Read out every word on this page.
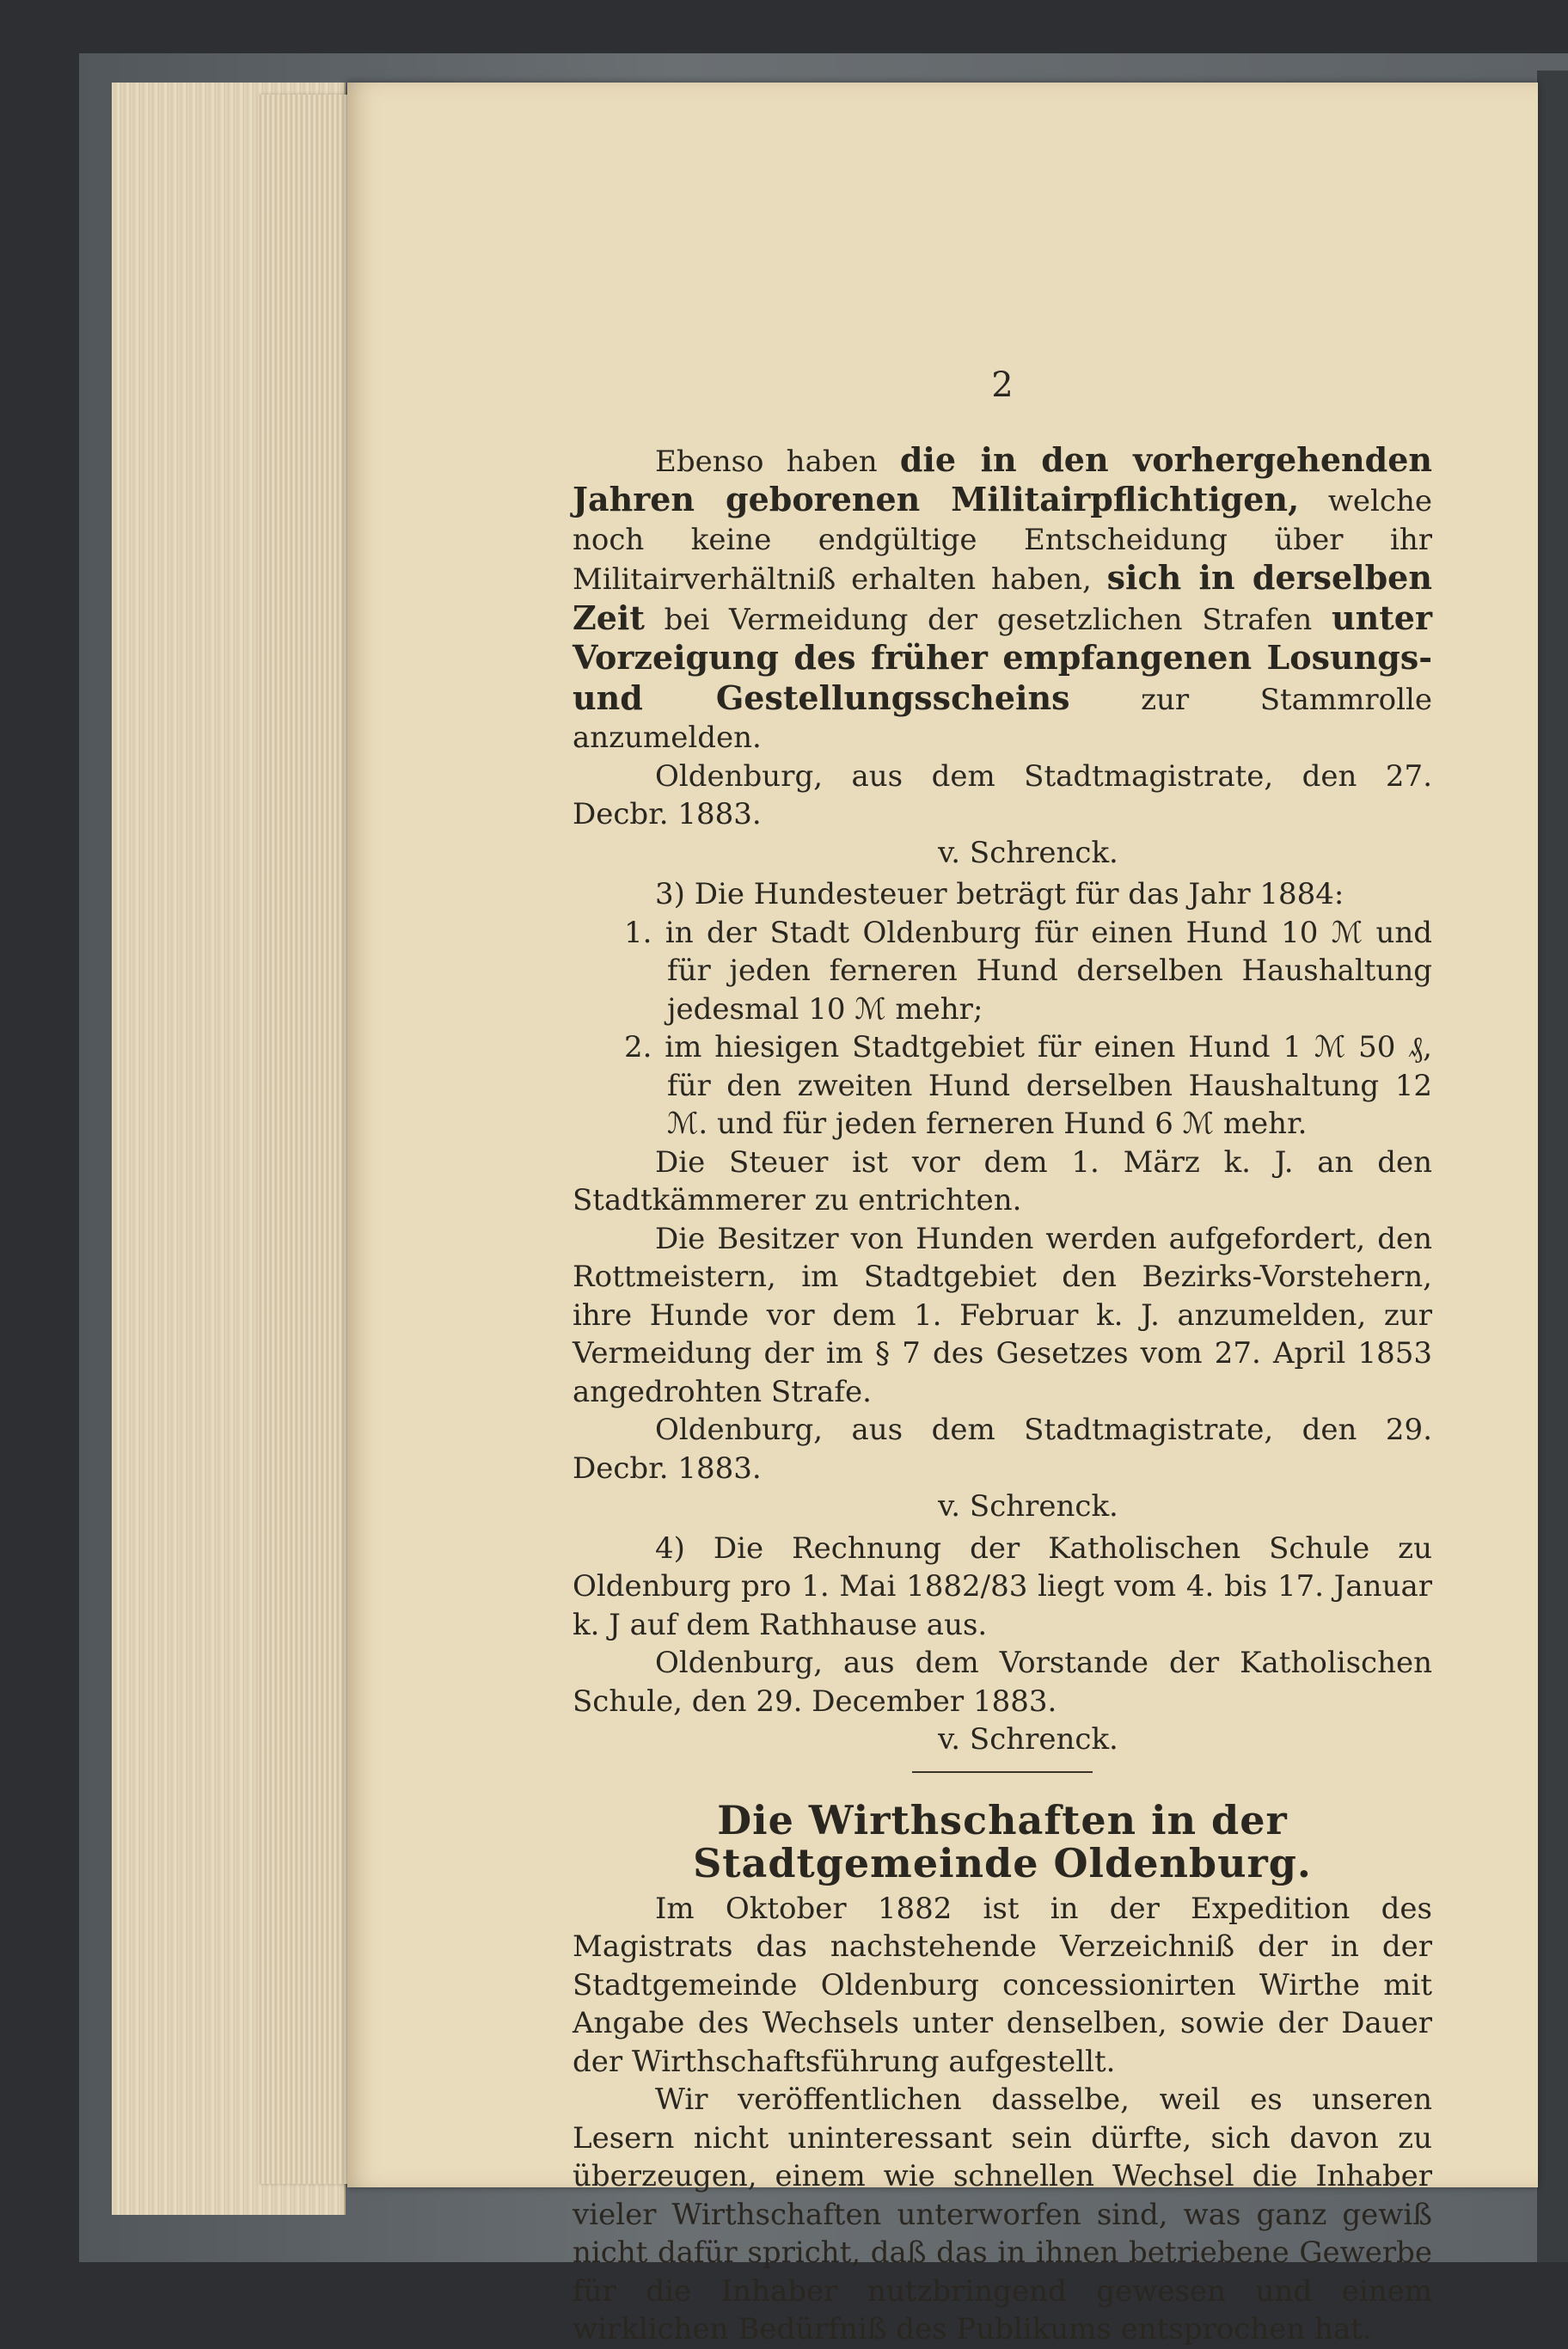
2

Ebenso haben die in den vorhergehenden Jahren geborenen Militairpflichtigen, welche noch keine endgültige Entscheidung über ihr Militairverhältniß erhalten haben, sich in derselben Zeit bei Vermeidung der gesetzlichen Strafen unter Vorzeigung des früher empfangenen Losungs- und Gestellungsscheins zur Stammrolle anzumelden.

Oldenburg, aus dem Stadtmagistrate, den 27. Decbr. 1883.

v. Schrenck.

3) Die Hundesteuer beträgt für das Jahr 1884:

1. in der Stadt Oldenburg für einen Hund 10 ℳ und für jeden ferneren Hund derselben Haushaltung jedesmal 10 ℳ mehr;

2. im hiesigen Stadtgebiet für einen Hund 1 ℳ 50 ₰, für den zweiten Hund derselben Haushaltung 12 ℳ. und für jeden ferneren Hund 6 ℳ mehr.

Die Steuer ist vor dem 1. März k. J. an den Stadtkämmerer zu entrichten.

Die Besitzer von Hunden werden aufgefordert, den Rottmeistern, im Stadtgebiet den Bezirks-Vorstehern, ihre Hunde vor dem 1. Februar k. J. anzumelden, zur Vermeidung der im § 7 des Gesetzes vom 27. April 1853 angedrohten Strafe.

Oldenburg, aus dem Stadtmagistrate, den 29. Decbr. 1883.

v. Schrenck.

4) Die Rechnung der Katholischen Schule zu Oldenburg pro 1. Mai 1882/83 liegt vom 4. bis 17. Januar k. J auf dem Rathhause aus.

Oldenburg, aus dem Vorstande der Katholischen Schule, den 29. December 1883.

v. Schrenck.

Die Wirthschaften in der Stadtgemeinde Oldenburg.

Im Oktober 1882 ist in der Expedition des Magistrats das nachstehende Verzeichniß der in der Stadtgemeinde Oldenburg concessionirten Wirthe mit Angabe des Wechsels unter denselben, sowie der Dauer der Wirthschaftsführung aufgestellt.

Wir veröffentlichen dasselbe, weil es unseren Lesern nicht uninteressant sein dürfte, sich davon zu überzeugen, einem wie schnellen Wechsel die Inhaber vieler Wirthschaften unterworfen sind, was ganz gewiß nicht dafür spricht, daß das in ihnen betriebene Gewerbe für die Inhaber nutzbringend gewesen und einem wirklichen Bedürfniß des Publikums entsprochen hat.
